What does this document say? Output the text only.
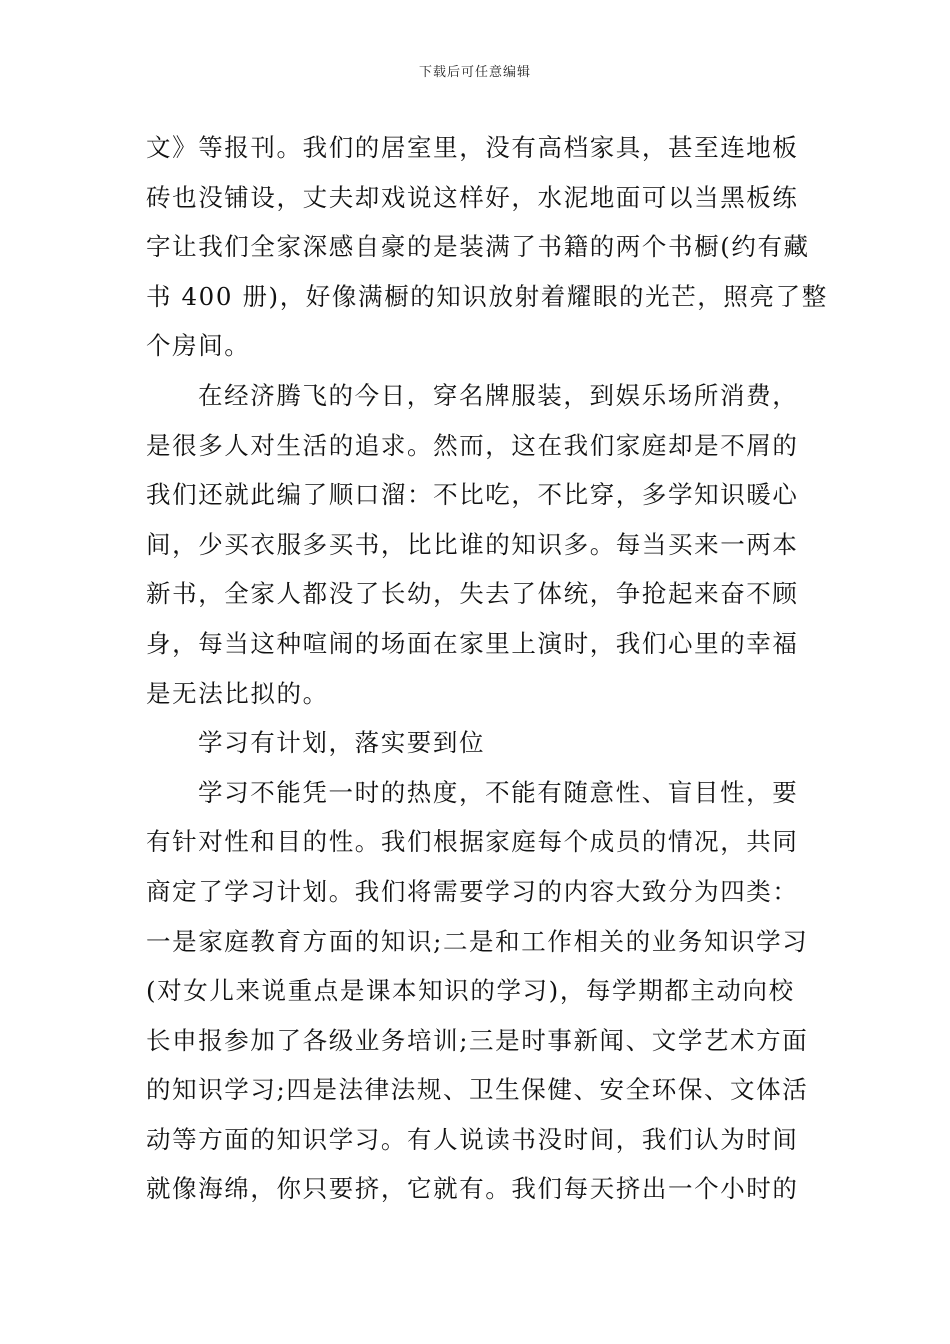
下载后可任意编辑

文》等报刊。我们的居室里，没有高档家具，甚至连地板
砖也没铺设，丈夫却戏说这样好，水泥地面可以当黑板练
字让我们全家深感自豪的是装满了书籍的两个书橱(约有藏
书 400 册)，好像满橱的知识放射着耀眼的光芒，照亮了整
个房间。

在经济腾飞的今日，穿名牌服装，到娱乐场所消费，
是很多人对生活的追求。然而，这在我们家庭却是不屑的
我们还就此编了顺口溜：不比吃，不比穿，多学知识暖心
间，少买衣服多买书，比比谁的知识多。每当买来一两本
新书，全家人都没了长幼，失去了体统，争抢起来奋不顾
身，每当这种喧闹的场面在家里上演时，我们心里的幸福
是无法比拟的。

学习有计划，落实要到位

学习不能凭一时的热度，不能有随意性、盲目性，要
有针对性和目的性。我们根据家庭每个成员的情况，共同
商定了学习计划。我们将需要学习的内容大致分为四类：
一是家庭教育方面的知识;二是和工作相关的业务知识学习
(对女儿来说重点是课本知识的学习)，每学期都主动向校
长申报参加了各级业务培训;三是时事新闻、文学艺术方面
的知识学习;四是法律法规、卫生保健、安全环保、文体活
动等方面的知识学习。有人说读书没时间，我们认为时间
就像海绵，你只要挤，它就有。我们每天挤出一个小时的
